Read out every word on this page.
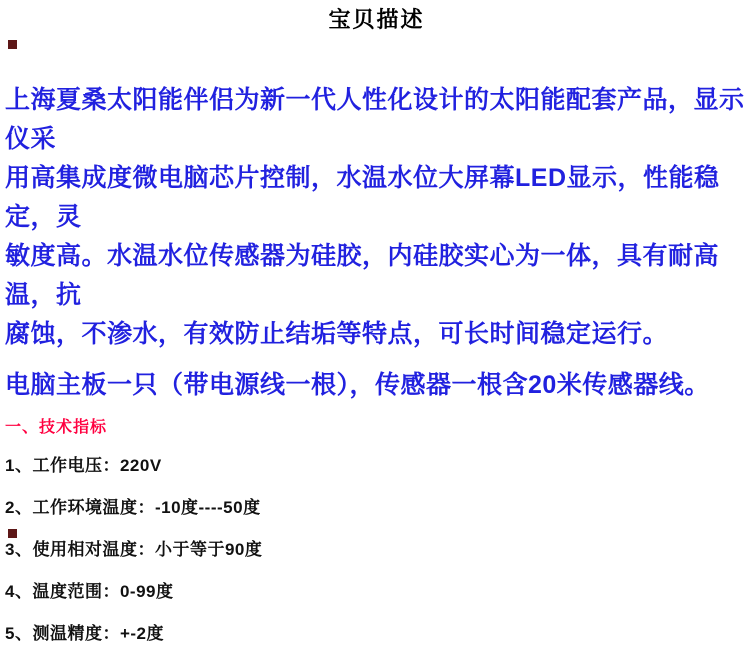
宝贝描述
上海夏桑太阳能伴侣为新一代人性化设计的太阳能配套产品，显示仪采
用高集成度微电脑芯片控制，水温水位大屏幕LED显示，性能稳定，灵
敏度高。水温水位传感器为硅胶，内硅胶实心为一体，具有耐高温，抗
腐蚀，不渗水，有效防止结垢等特点，可长时间稳定运行。
电脑主板一只（带电源线一根），传感器一根含20米传感器线。
一、技术指标
1、工作电压：220V
2、工作环境温度：-10度----50度
3、使用相对温度：小于等于90度
4、温度范围：0-99度
5、测温精度：+-2度
